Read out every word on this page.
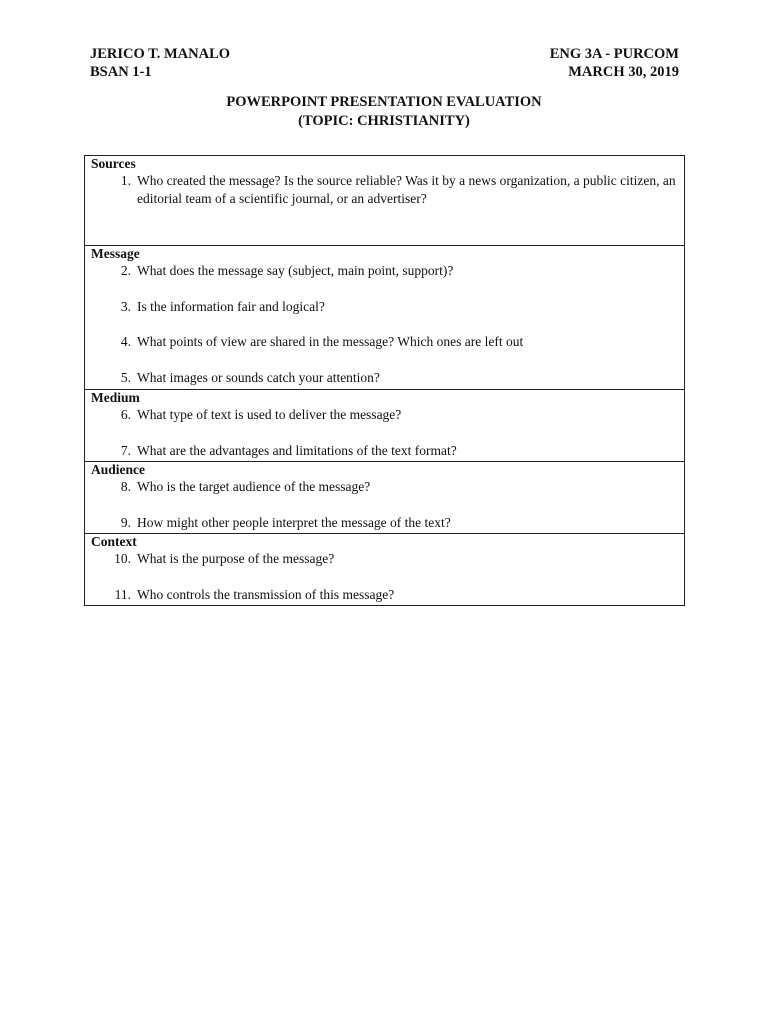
JERICO T. MANALO
BSAN 1-1
ENG 3A - PURCOM
MARCH 30, 2019
POWERPOINT PRESENTATION EVALUATION
(TOPIC: CHRISTIANITY)
Sources
1. Who created the message? Is the source reliable? Was it by a news organization, a public citizen, an editorial team of a scientific journal, or an advertiser?
Message
2. What does the message say (subject, main point, support)?
3. Is the information fair and logical?
4. What points of view are shared in the message? Which ones are left out
5. What images or sounds catch your attention?
Medium
6. What type of text is used to deliver the message?
7. What are the advantages and limitations of the text format?
Audience
8. Who is the target audience of the message?
9. How might other people interpret the message of the text?
Context
10. What is the purpose of the message?
11. Who controls the transmission of this message?
